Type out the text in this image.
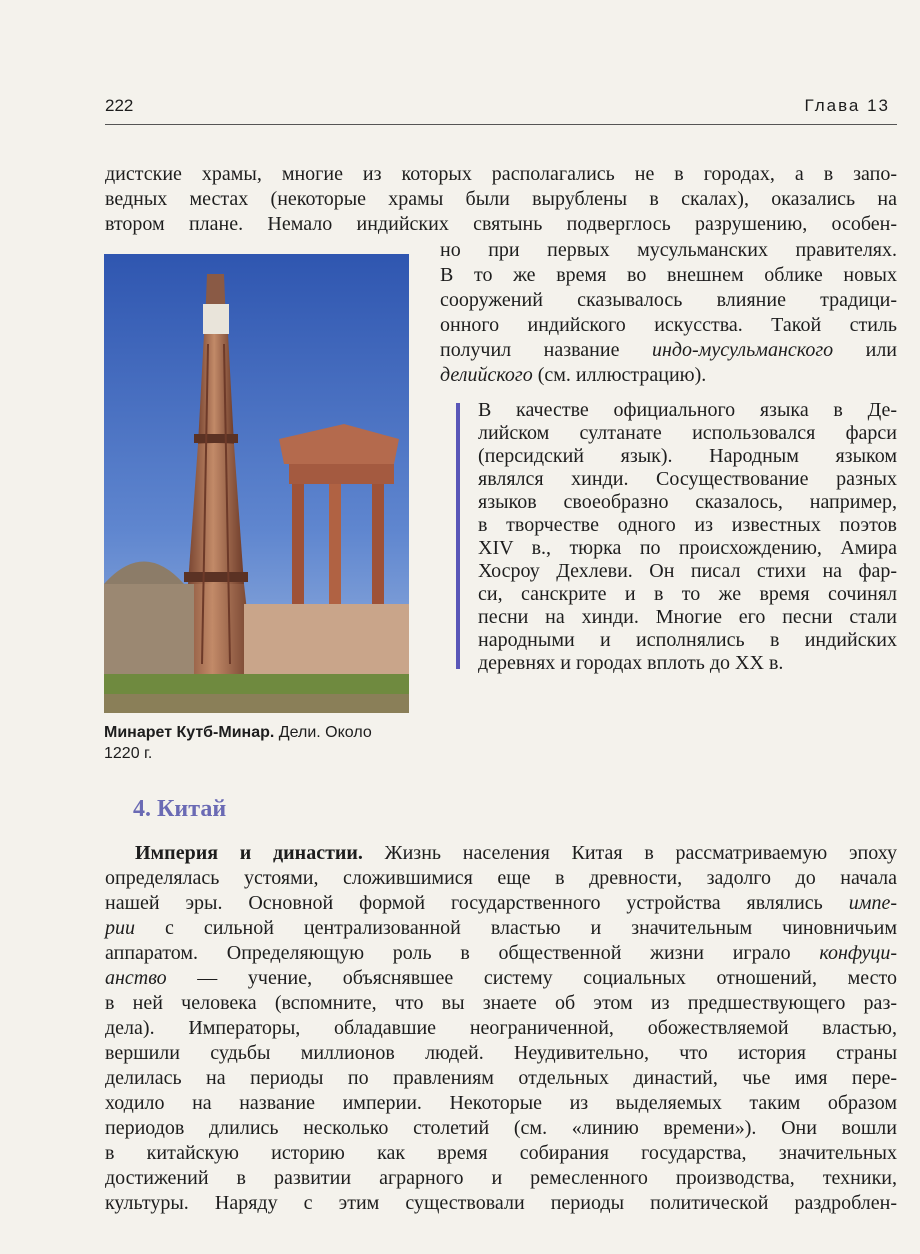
222	Глава 13
дистские храмы, многие из которых располагались не в городах, а в запо-
ведных местах (некоторые храмы были вырублены в скалах), оказались на
втором плане. Немало индийских святынь подверглось разрушению, особен-
но при первых мусульманских правителях.
В то же время во внешнем облике новых
сооружений сказывалось влияние традици-
онного индийского искусства. Такой стиль
получил название индо-мусульманского или
делийского (см. иллюстрацию).
В качестве официального языка в Де-
лийском султанате использовался фарси
(персидский язык). Народным языком
являлся хинди. Сосуществование разных
языков своеобразно сказалось, например,
в творчестве одного из известных поэтов
XIV в., тюрка по происхождению, Амира
Хосроу Дехлеви. Он писал стихи на фар-
си, санскрите и в то же время сочинял
песни на хинди. Многие его песни стали
народными и исполнялись в индийских
деревнях и городах вплоть до XX в.
Минарет Кутб-Минар. Дели. Около
1220 г.
4. Китай
Империя и династии. Жизнь населения Китая в рассматриваемую эпоху
определялась устоями, сложившимися еще в древности, задолго до начала
нашей эры. Основной формой государственного устройства являлись импе-
рии с сильной централизованной властью и значительным чиновничьим
аппаратом. Определяющую роль в общественной жизни играло конфуци-
анство — учение, объяснявшее систему социальных отношений, место
в ней человека (вспомните, что вы знаете об этом из предшествующего раз-
дела). Императоры, обладавшие неограниченной, обожествляемой властью,
вершили судьбы миллионов людей. Неудивительно, что история страны
делилась на периоды по правлениям отдельных династий, чье имя пере-
ходило на название империи. Некоторые из выделяемых таким образом
периодов длились несколько столетий (см. «линию времени»). Они вошли
в китайскую историю как время собирания государства, значительных
достижений в развитии аграрного и ремесленного производства, техники,
культуры. Наряду с этим существовали периоды политической раздроблен-
